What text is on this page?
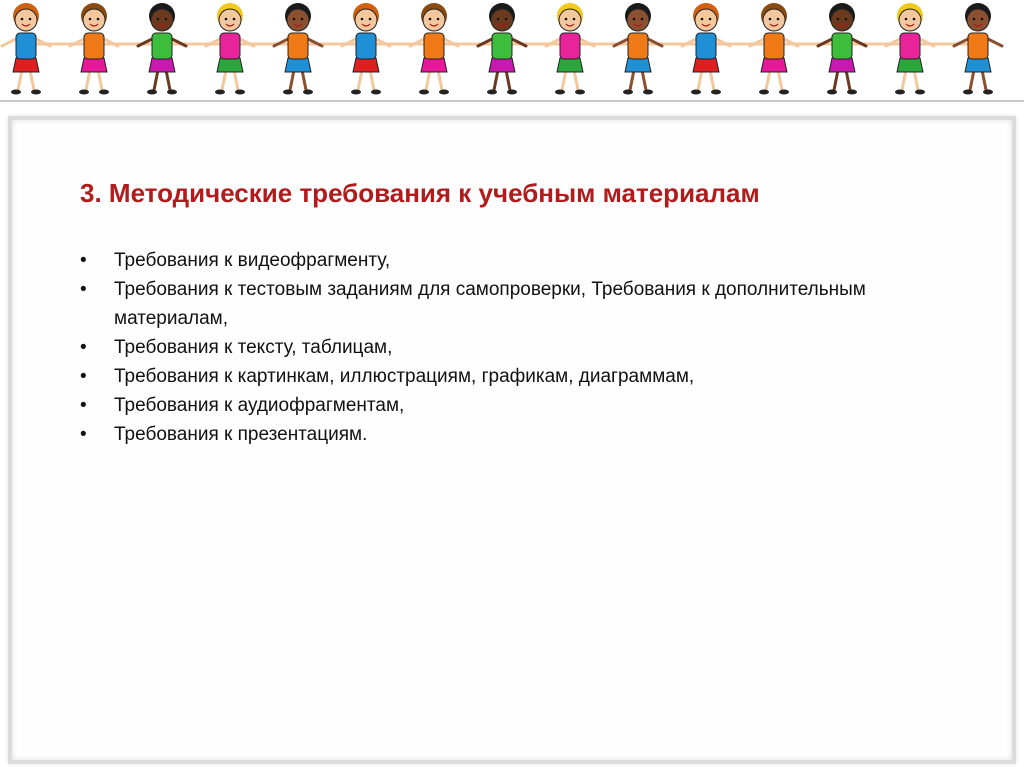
3. Методические требования к учебным материалам
• Требования к видеофрагменту,
• Требования к тестовым заданиям для самопроверки, Требования к дополнительным материалам,
• Требования к тексту, таблицам,
• Требования к картинкам, иллюстрациям, графикам, диаграммам,
• Требования к аудиофрагментам,
• Требования к презентациям.
